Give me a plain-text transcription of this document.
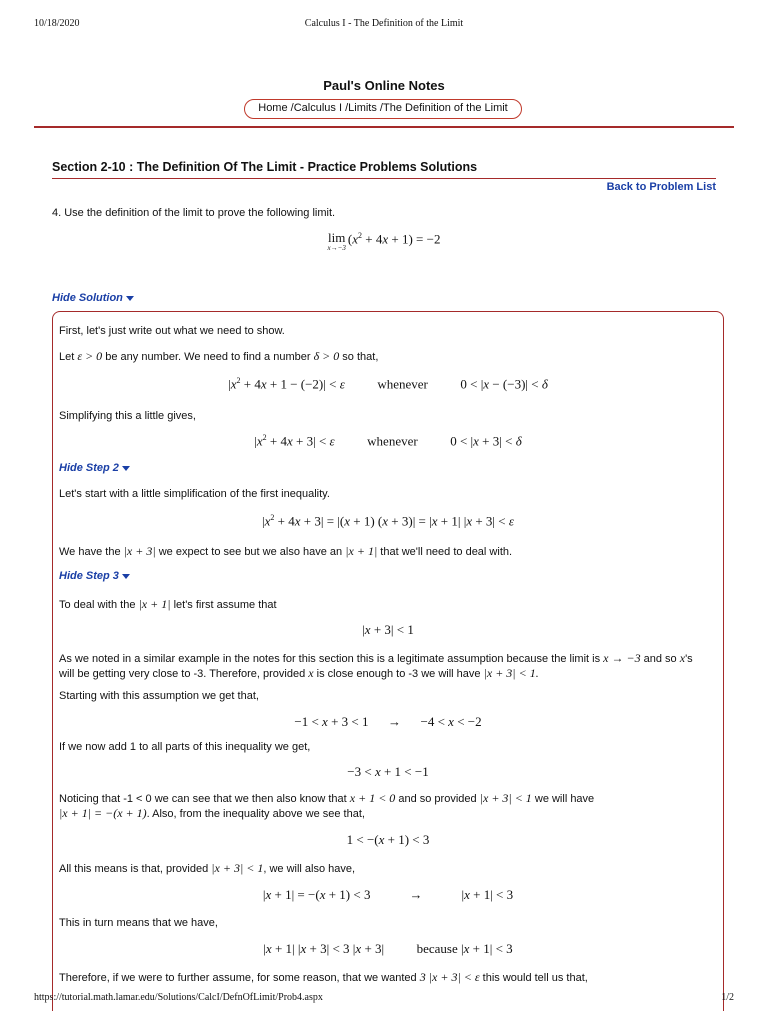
10/18/2020	Calculus I - The Definition of the Limit
Paul's Online Notes
Home /Calculus I /Limits /The Definition of the Limit
Section 2-10 : The Definition Of The Limit - Practice Problems Solutions
Back to Problem List
4. Use the definition of the limit to prove the following limit.
lim
x→−3
$(x^2 + 4x + 1) = -2$
Hide Solution
First, let's just write out what we need to show.
Let ε > 0 be any number. We need to find a number δ > 0 so that,
$|x^2 + 4x + 1 - (-2)| < \varepsilon$	whenever          0 < |x − (−3)| < δ
Simplifying this a little gives,
$|x^2 + 4x + 3| < \varepsilon$	whenever          0 < |x + 3| < δ
Hide Step 2
Let's start with a little simplification of the first inequality.
$|x^2 + 4x + 3| = |(x + 1) (x + 3)| = |x + 1|$ |x + 3| < ε
We have the |x + 3| we expect to see but we also have an |x + 1| that we'll need to deal with.
Hide Step 3
To deal with the |x + 1| let's first assume that
|x + 3| < 1
As we noted in a similar example in the notes for this section this is a legitimate assumption because the limit is x → −3 and so x's
will be getting very close to -3. Therefore, provided x is close enough to -3 we will have |x + 3| < 1.
Starting with this assumption we get that,
−1 < x + 3 < 1      →      −4 < x < −2
If we now add 1 to all parts of this inequality we get,
−3 < x + 1 < −1
Noticing that -1 < 0 we can see that we then also know that x + 1 < 0 and so provided |x + 3| < 1 we will have
|x + 1| = −(x + 1). Also, from the inequality above we see that,
1 < −(x + 1) < 3
All this means is that, provided |x + 3| < 1, we will also have,
|x + 1| = −(x + 1) < 3            →            |x + 1| < 3
This in turn means that we have,
|x + 1| |x + 3| < 3 |x + 3|          because |x + 1| < 3
Therefore, if we were to further assume, for some reason, that we wanted 3 |x + 3| < ε this would tell us that,
https://tutorial.math.lamar.edu/Solutions/CalcI/DefnOfLimit/Prob4.aspx	1/2
